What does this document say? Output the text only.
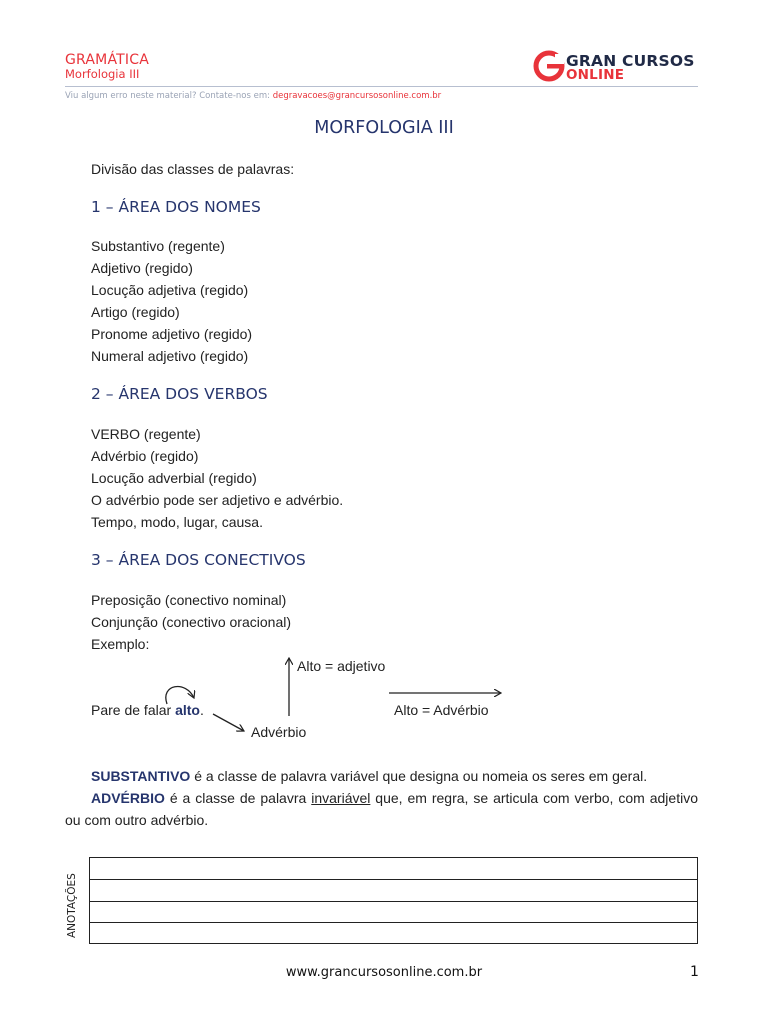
GRAMÁTICA
Morfologia III
GRAN CURSOS
ONLINE
Viu algum erro neste material? Contate-nos em: degravacoes@grancursosonline.com.br
MORFOLOGIA III
Divisão das classes de palavras:
1 – ÁREA DOS NOMES
Substantivo (regente)
Adjetivo (regido)
Locução adjetiva (regido)
Artigo (regido)
Pronome adjetivo (regido)
Numeral adjetivo (regido)
2 – ÁREA DOS VERBOS
VERBO (regente)
Advérbio (regido)
Locução adverbial (regido)
O advérbio pode ser adjetivo e advérbio.
Tempo, modo, lugar, causa.
3 – ÁREA DOS CONECTIVOS
Preposição (conectivo nominal)
Conjunção (conectivo oracional)
Exemplo:
Pare de falar alto.
Advérbio
Alto = adjetivo
Alto = Advérbio
SUBSTANTIVO é a classe de palavra variável que designa ou nomeia os seres em geral.
ADVÉRBIO é a classe de palavra invariável que, em regra, se articula com verbo, com adjetivo ou com outro advérbio.
ANOTAÇÕES
www.grancursosonline.com.br	1
